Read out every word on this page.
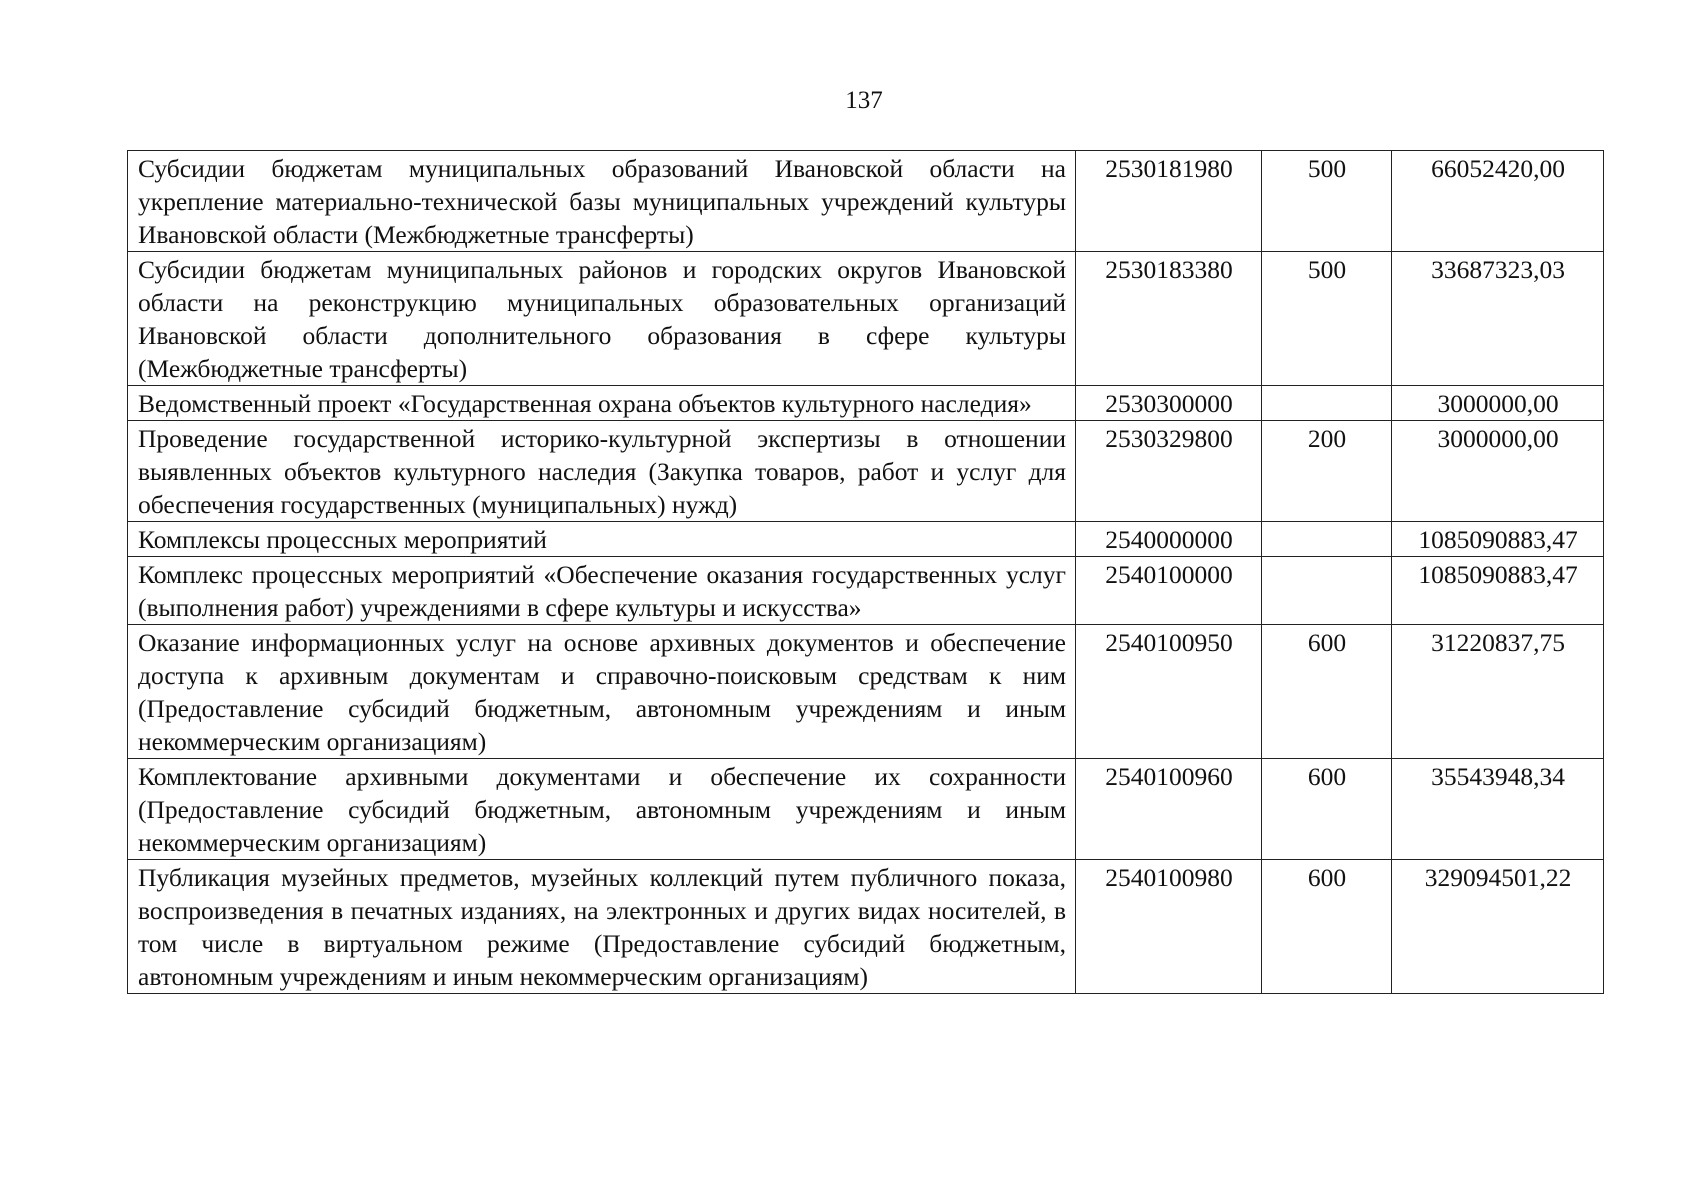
137
Субсидии бюджетам муниципальных образований Ивановской области на укрепление материально-технической базы муниципальных учреждений культуры Ивановской области (Межбюджетные трансферты)	2530181980	500	66052420,00
Субсидии бюджетам муниципальных районов и городских округов Ивановской области на реконструкцию муниципальных образовательных организаций Ивановской области дополнительного образования в сфере культуры (Межбюджетные трансферты)	2530183380	500	33687323,03
Ведомственный проект «Государственная охрана объектов культурного наследия»	2530300000		3000000,00
Проведение государственной историко-культурной экспертизы в отношении выявленных объектов культурного наследия (Закупка товаров, работ и услуг для обеспечения государственных (муниципальных) нужд)	2530329800	200	3000000,00
Комплексы процессных мероприятий	2540000000		1085090883,47
Комплекс процессных мероприятий «Обеспечение оказания государственных услуг (выполнения работ) учреждениями в сфере культуры и искусства»	2540100000		1085090883,47
Оказание информационных услуг на основе архивных документов и обеспечение доступа к архивным документам и справочно-поисковым средствам к ним (Предоставление субсидий бюджетным, автономным учреждениям и иным некоммерческим организациям)	2540100950	600	31220837,75
Комплектование архивными документами и обеспечение их сохранности (Предоставление субсидий бюджетным, автономным учреждениям и иным некоммерческим организациям)	2540100960	600	35543948,34
Публикация музейных предметов, музейных коллекций путем публичного показа, воспроизведения в печатных изданиях, на электронных и других видах носителей, в том числе в виртуальном режиме (Предоставление субсидий бюджетным, автономным учреждениям и иным некоммерческим организациям)	2540100980	600	329094501,22
